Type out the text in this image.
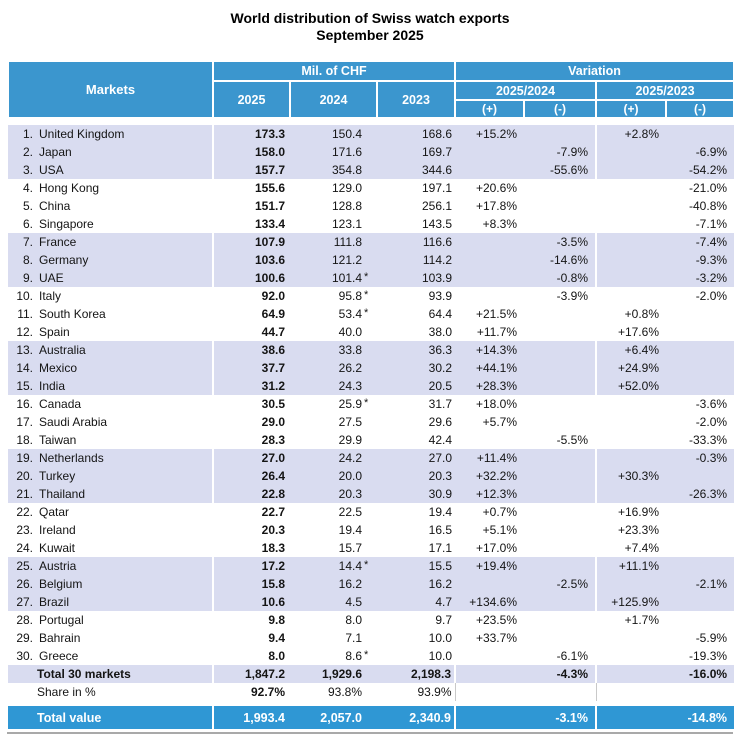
World distribution of Swiss watch exports
September 2025
Markets	Mil. of CHF			Variation			
	2025	2024	2023	2025/2024		2025/2023	
				(+)	(-)	(+)	(-)

1. United Kingdom	173.3	150.4	168.6	+15.2%		+2.8%	
2. Japan	158.0	171.6	169.7		-7.9%		-6.9%
3. USA	157.7	354.8	344.6		-55.6%		-54.2%
4. Hong Kong	155.6	129.0	197.1	+20.6%			-21.0%
5. China	151.7	128.8	256.1	+17.8%			-40.8%
6. Singapore	133.4	123.1	143.5	+8.3%			-7.1%
7. France	107.9	111.8	116.6		-3.5%		-7.4%
8. Germany	103.6	121.2	114.2		-14.6%		-9.3%
9. UAE	100.6	101.4 *	103.9		-0.8%		-3.2%
10. Italy	92.0	95.8 *	93.9		-3.9%		-2.0%
11. South Korea	64.9	53.4 *	64.4	+21.5%		+0.8%	
12. Spain	44.7	40.0	38.0	+11.7%		+17.6%	
13. Australia	38.6	33.8	36.3	+14.3%		+6.4%	
14. Mexico	37.7	26.2	30.2	+44.1%		+24.9%	
15. India	31.2	24.3	20.5	+28.3%		+52.0%	
16. Canada	30.5	25.9 *	31.7	+18.0%			-3.6%
17. Saudi Arabia	29.0	27.5	29.6	+5.7%			-2.0%
18. Taiwan	28.3	29.9	42.4		-5.5%		-33.3%
19. Netherlands	27.0	24.2	27.0	+11.4%			-0.3%
20. Turkey	26.4	20.0	20.3	+32.2%		+30.3%	
21. Thailand	22.8	20.3	30.9	+12.3%			-26.3%
22. Qatar	22.7	22.5	19.4	+0.7%		+16.9%	
23. Ireland	20.3	19.4	16.5	+5.1%		+23.3%	
24. Kuwait	18.3	15.7	17.1	+17.0%		+7.4%	
25. Austria	17.2	14.4 *	15.5	+19.4%		+11.1%	
26. Belgium	15.8	16.2	16.2		-2.5%		-2.1%
27. Brazil	10.6	4.5	4.7	+134.6%		+125.9%	
28. Portugal	9.8	8.0	9.7	+23.5%		+1.7%	
29. Bahrain	9.4	7.1	10.0	+33.7%			-5.9%
30. Greece	8.0	8.6 *	10.0		-6.1%		-19.3%
Total 30 markets	1,847.2	1,929.6	2,198.3	-4.3%		-16.0%	
Share in %	92.7%	93.8%	93.9%				

Total value	1,993.4	2,057.0	2,340.9	-3.1%		-14.8%	
